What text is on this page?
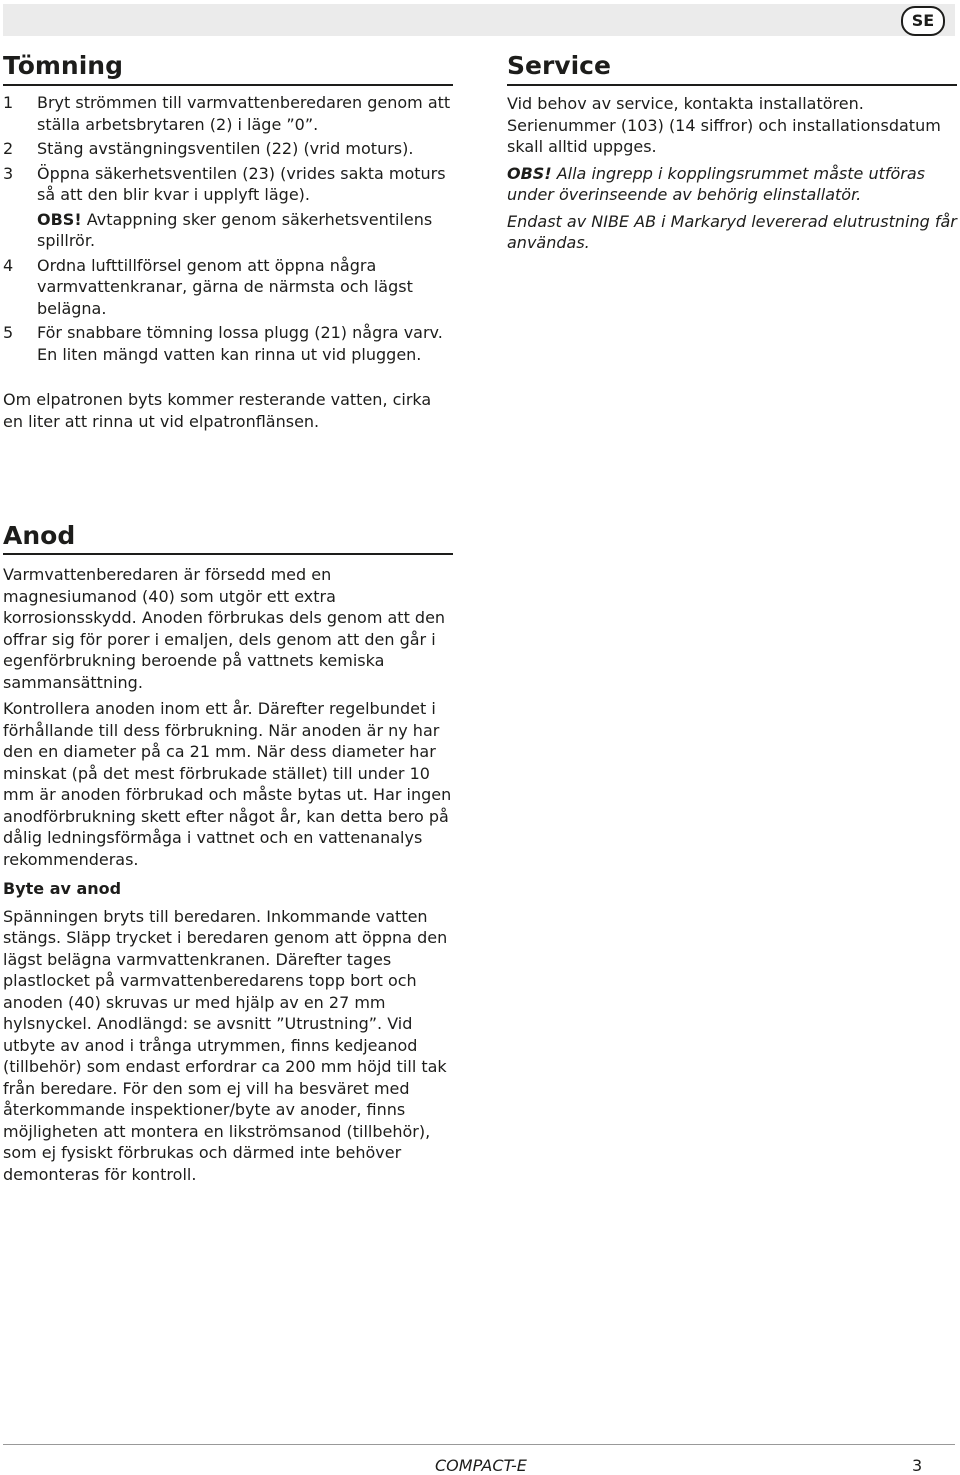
SE
Tömning
1 Bryt strömmen till varmvattenberedaren genom att ställa arbetsbrytaren (2) i läge ”0”.
2 Stäng avstängningsventilen (22) (vrid moturs).
3 Öppna säkerhetsventilen (23) (vrides sakta moturs så att den blir kvar i upplyft läge).
OBS! Avtappning sker genom säkerhetsventilens spillrör.
4 Ordna lufttillförsel genom att öppna några varmvattenkranar, gärna de närmsta och lägst belägna.
5 För snabbare tömning lossa plugg (21) några varv. En liten mängd vatten kan rinna ut vid pluggen.

Om elpatronen byts kommer resterande vatten, cirka en liter att rinna ut vid elpatronflänsen.

Service

Vid behov av service, kontakta installatören. Serienummer (103) (14 siffror) och installationsdatum skall alltid uppges.

OBS! Alla ingrepp i kopplingsrummet måste utföras under överinseende av behörig elinstallatör.

Endast av NIBE AB i Markaryd levererad elutrustning får användas.

Anod

Varmvattenberedaren är försedd med en magnesiumanod (40) som utgör ett extra korrosionsskydd. Anoden förbrukas dels genom att den offrar sig för porer i emaljen, dels genom att den går i egenförbrukning beroende på vattnets kemiska sammansättning.

Kontrollera anoden inom ett år. Därefter regelbundet i förhållande till dess förbrukning. När anoden är ny har den en diameter på ca 21 mm. När dess diameter har minskat (på det mest förbrukade stället) till under 10 mm är anoden förbrukad och måste bytas ut. Har ingen anodförbrukning skett efter något år, kan detta bero på dålig ledningsförmåga i vattnet och en vattenanalys rekommenderas.

Byte av anod

Spänningen bryts till beredaren. Inkommande vatten stängs. Släpp trycket i beredaren genom att öppna den lägst belägna varmvattenkranen. Därefter tages plastlocket på varmvattenberedarens topp bort och anoden (40) skruvas ur med hjälp av en 27 mm hylsnyckel. Anodlängd: se avsnitt ”Utrustning”. Vid utbyte av anod i trånga utrymmen, finns kedjeanod (tillbehör) som endast erfordrar ca 200 mm höjd till tak från beredare. För den som ej vill ha besväret med återkommande inspektioner/byte av anoder, finns möjligheten att montera en likströmsanod (tillbehör), som ej fysiskt förbrukas och därmed inte behöver demonteras för kontroll.

COMPACT-E	3
